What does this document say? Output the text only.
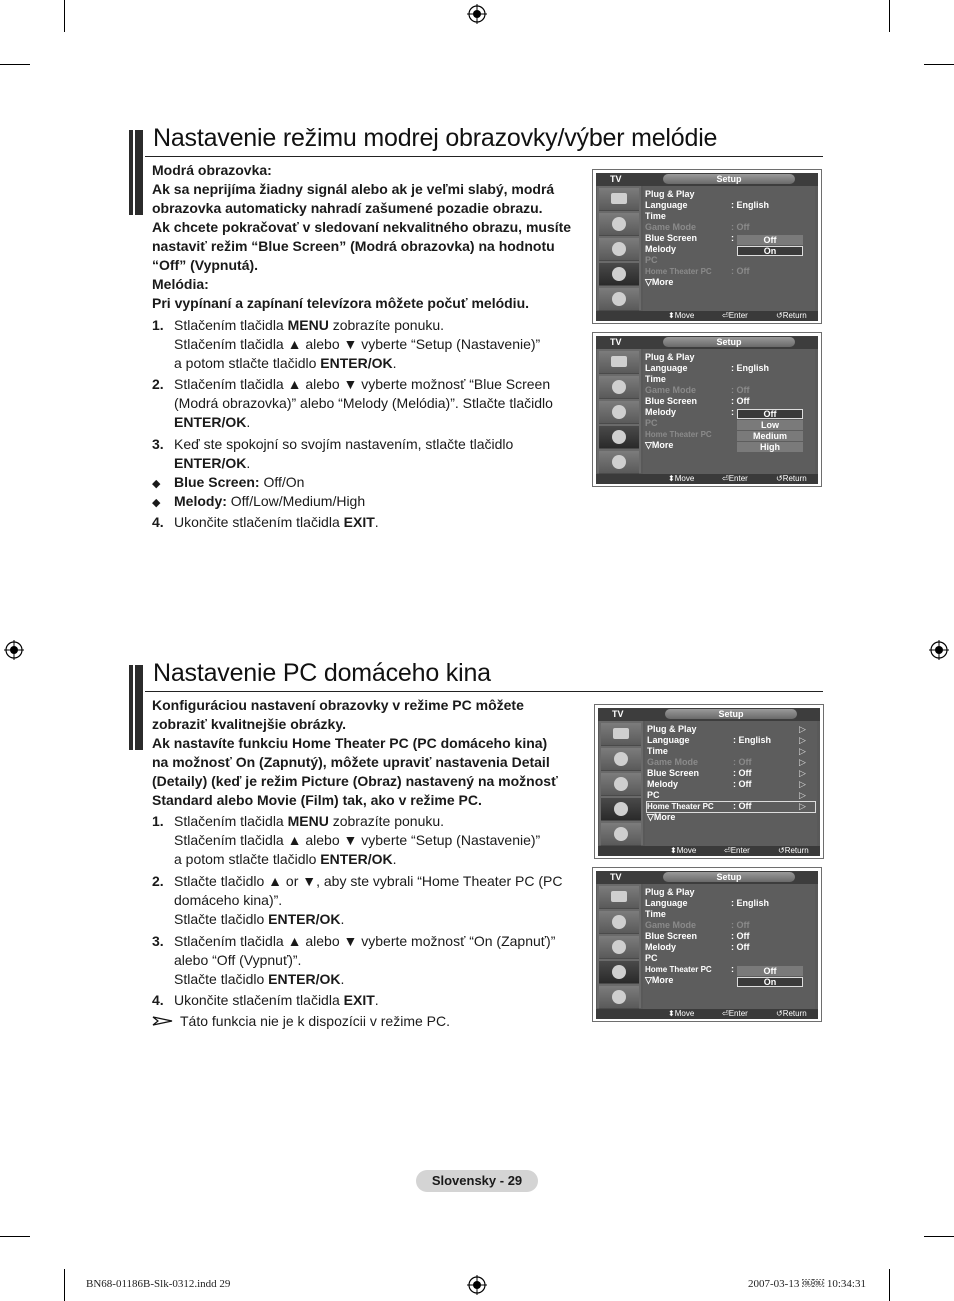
Nastavenie režimu modrej obrazovky/výber melódie
Modrá obrazovka:
Ak sa neprijíma žiadny signál alebo ak je veľmi slabý, modrá
obrazovka automaticky nahradí zašumené pozadie obrazu.
Ak chcete pokračovať v sledovaní nekvalitného obrazu, musíte
nastaviť režim “Blue Screen” (Modrá obrazovka) na hodnotu
“Off” (Vypnutá).
Melódia:
Pri vypínaní a zapínaní televízora môžete počuť melódiu.
1. Stlačením tlačidla MENU zobrazíte ponuku.
Stlačením tlačidla ▲ alebo ▼ vyberte “Setup (Nastavenie)”
a potom stlačte tlačidlo ENTER/OK.
2. Stlačením tlačidla ▲ alebo ▼ vyberte možnosť “Blue Screen
(Modrá obrazovka)” alebo “Melody (Melódia)”. Stlačte tlačidlo
ENTER/OK.
3. Keď ste spokojní so svojím nastavením, stlačte tlačidlo
ENTER/OK.
◆ Blue Screen: Off/On
◆ Melody: Off/Low/Medium/High
4. Ukončite stlačením tlačidla EXIT.
TV	Setup
Plug & Play
Language	: English
Time
Game Mode	: Off
Blue Screen	:
Melody
PC
Home Theater PC : Off
▽More
Off
On
⬍ Move	⏎ Enter	↺ Return
TV	Setup
Plug & Play
Language	: English
Time
Game Mode	: Off
Blue Screen	: Off
Melody	:
PC
Home Theater PC
▽More
Off
Low
Medium
High
⬍ Move	⏎ Enter	↺ Return
Nastavenie PC domáceho kina
Konfiguráciou nastavení obrazovky v režime PC môžete
zobraziť kvalitnejšie obrázky.
Ak nastavíte funkciu Home Theater PC (PC domáceho kina)
na možnosť On (Zapnutý), môžete upraviť nastavenia Detail
(Detaily) (keď je režim Picture (Obraz) nastavený na možnosť
Standard alebo Movie (Film) tak, ako v režime PC.
1. Stlačením tlačidla MENU zobrazíte ponuku.
Stlačením tlačidla ▲ alebo ▼ vyberte “Setup (Nastavenie)”
a potom stlačte tlačidlo ENTER/OK.
2. Stlačte tlačidlo ▲ or ▼, aby ste vybrali “Home Theater PC (PC
domáceho kina)”.
Stlačte tlačidlo ENTER/OK.
3. Stlačením tlačidla ▲ alebo ▼ vyberte možnosť “On (Zapnuť)”
alebo “Off (Vypnuť)”.
Stlačte tlačidlo ENTER/OK.
4. Ukončite stlačením tlačidla EXIT.
Táto funkcia nie je k dispozícii v režime PC.
TV	Setup
Plug & Play
Language	: English
Time
Game Mode	: Off
Blue Screen	: Off
Melody	: Off
PC
Home Theater PC : Off
▽More
▷
▷
▷
▷
▷
▷
▷
▷
⬍ Move	⏎ Enter	↺ Return
TV	Setup
Plug & Play
Language	: English
Time
Game Mode	: Off
Blue Screen	: Off
Melody	: Off
PC
Home Theater PC :
▽More
Off
On
⬍ Move	⏎ Enter	↺ Return
Slovensky - 29
BN68-01186B-Slk-0312.indd 29	2007-03-13 ￼￼ 10:34:31
